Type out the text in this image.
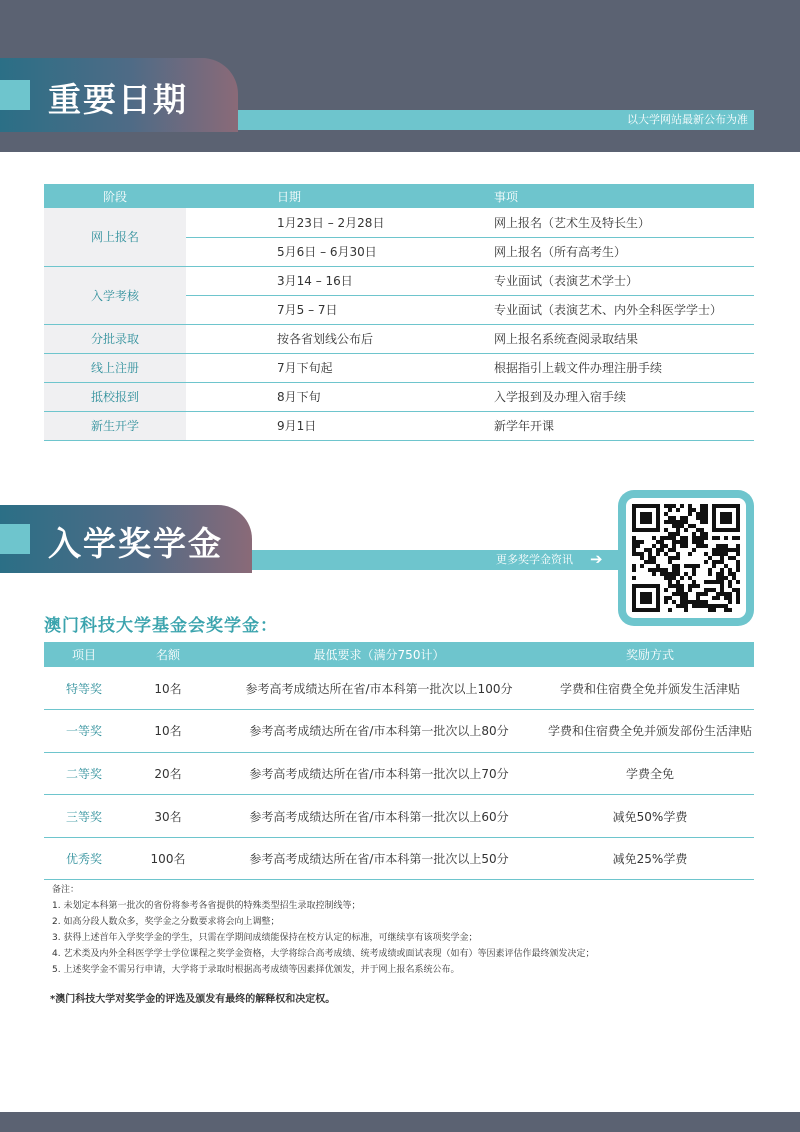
重要日期
以大学网站最新公布为准
阶段	日期	事项
网上报名	1月23日 – 2月28日	网上报名（艺术生及特长生）
	5月6日 – 6月30日	网上报名（所有高考生）
入学考核	3月14 – 16日	专业面试（表演艺术学士）
	7月5 – 7日	专业面试（表演艺术、内外全科医学学士）
分批录取	按各省划线公布后	网上报名系统查阅录取结果
线上注册	7月下旬起	根据指引上载文件办理注册手续
抵校报到	8月下旬	入学报到及办理入宿手续
新生开学	9月1日	新学年开课
入学奖学金	更多奖学金资讯 ➔
澳门科技大学基金会奖学金：
项目	名额	最低要求（满分750计）	奖励方式
特等奖	10名	参考高考成绩达所在省/市本科第一批次以上100分	学费和住宿费全免并颁发生活津贴
一等奖	10名	参考高考成绩达所在省/市本科第一批次以上80分	学费和住宿费全免并颁发部份生活津贴
二等奖	20名	参考高考成绩达所在省/市本科第一批次以上70分	学费全免
三等奖	30名	参考高考成绩达所在省/市本科第一批次以上60分	减免50%学费
优秀奖	100名	参考高考成绩达所在省/市本科第一批次以上50分	减免25%学费
备注：
1. 未划定本科第一批次的省份将参考各省提供的特殊类型招生录取控制线等；
2. 如高分段人数众多，奖学金之分数要求将会向上调整；
3. 获得上述首年入学奖学金的学生，只需在学期间成绩能保持在校方认定的标准，可继续享有该项奖学金；
4. 艺术类及内外全科医学学士学位课程之奖学金资格，大学将综合高考成绩、统考成绩或面试表现（如有）等因素评估作最终颁发决定；
5. 上述奖学金不需另行申请，大学将于录取时根据高考成绩等因素择优颁发，并于网上报名系统公布。
*澳门科技大学对奖学金的评选及颁发有最终的解释权和决定权。
